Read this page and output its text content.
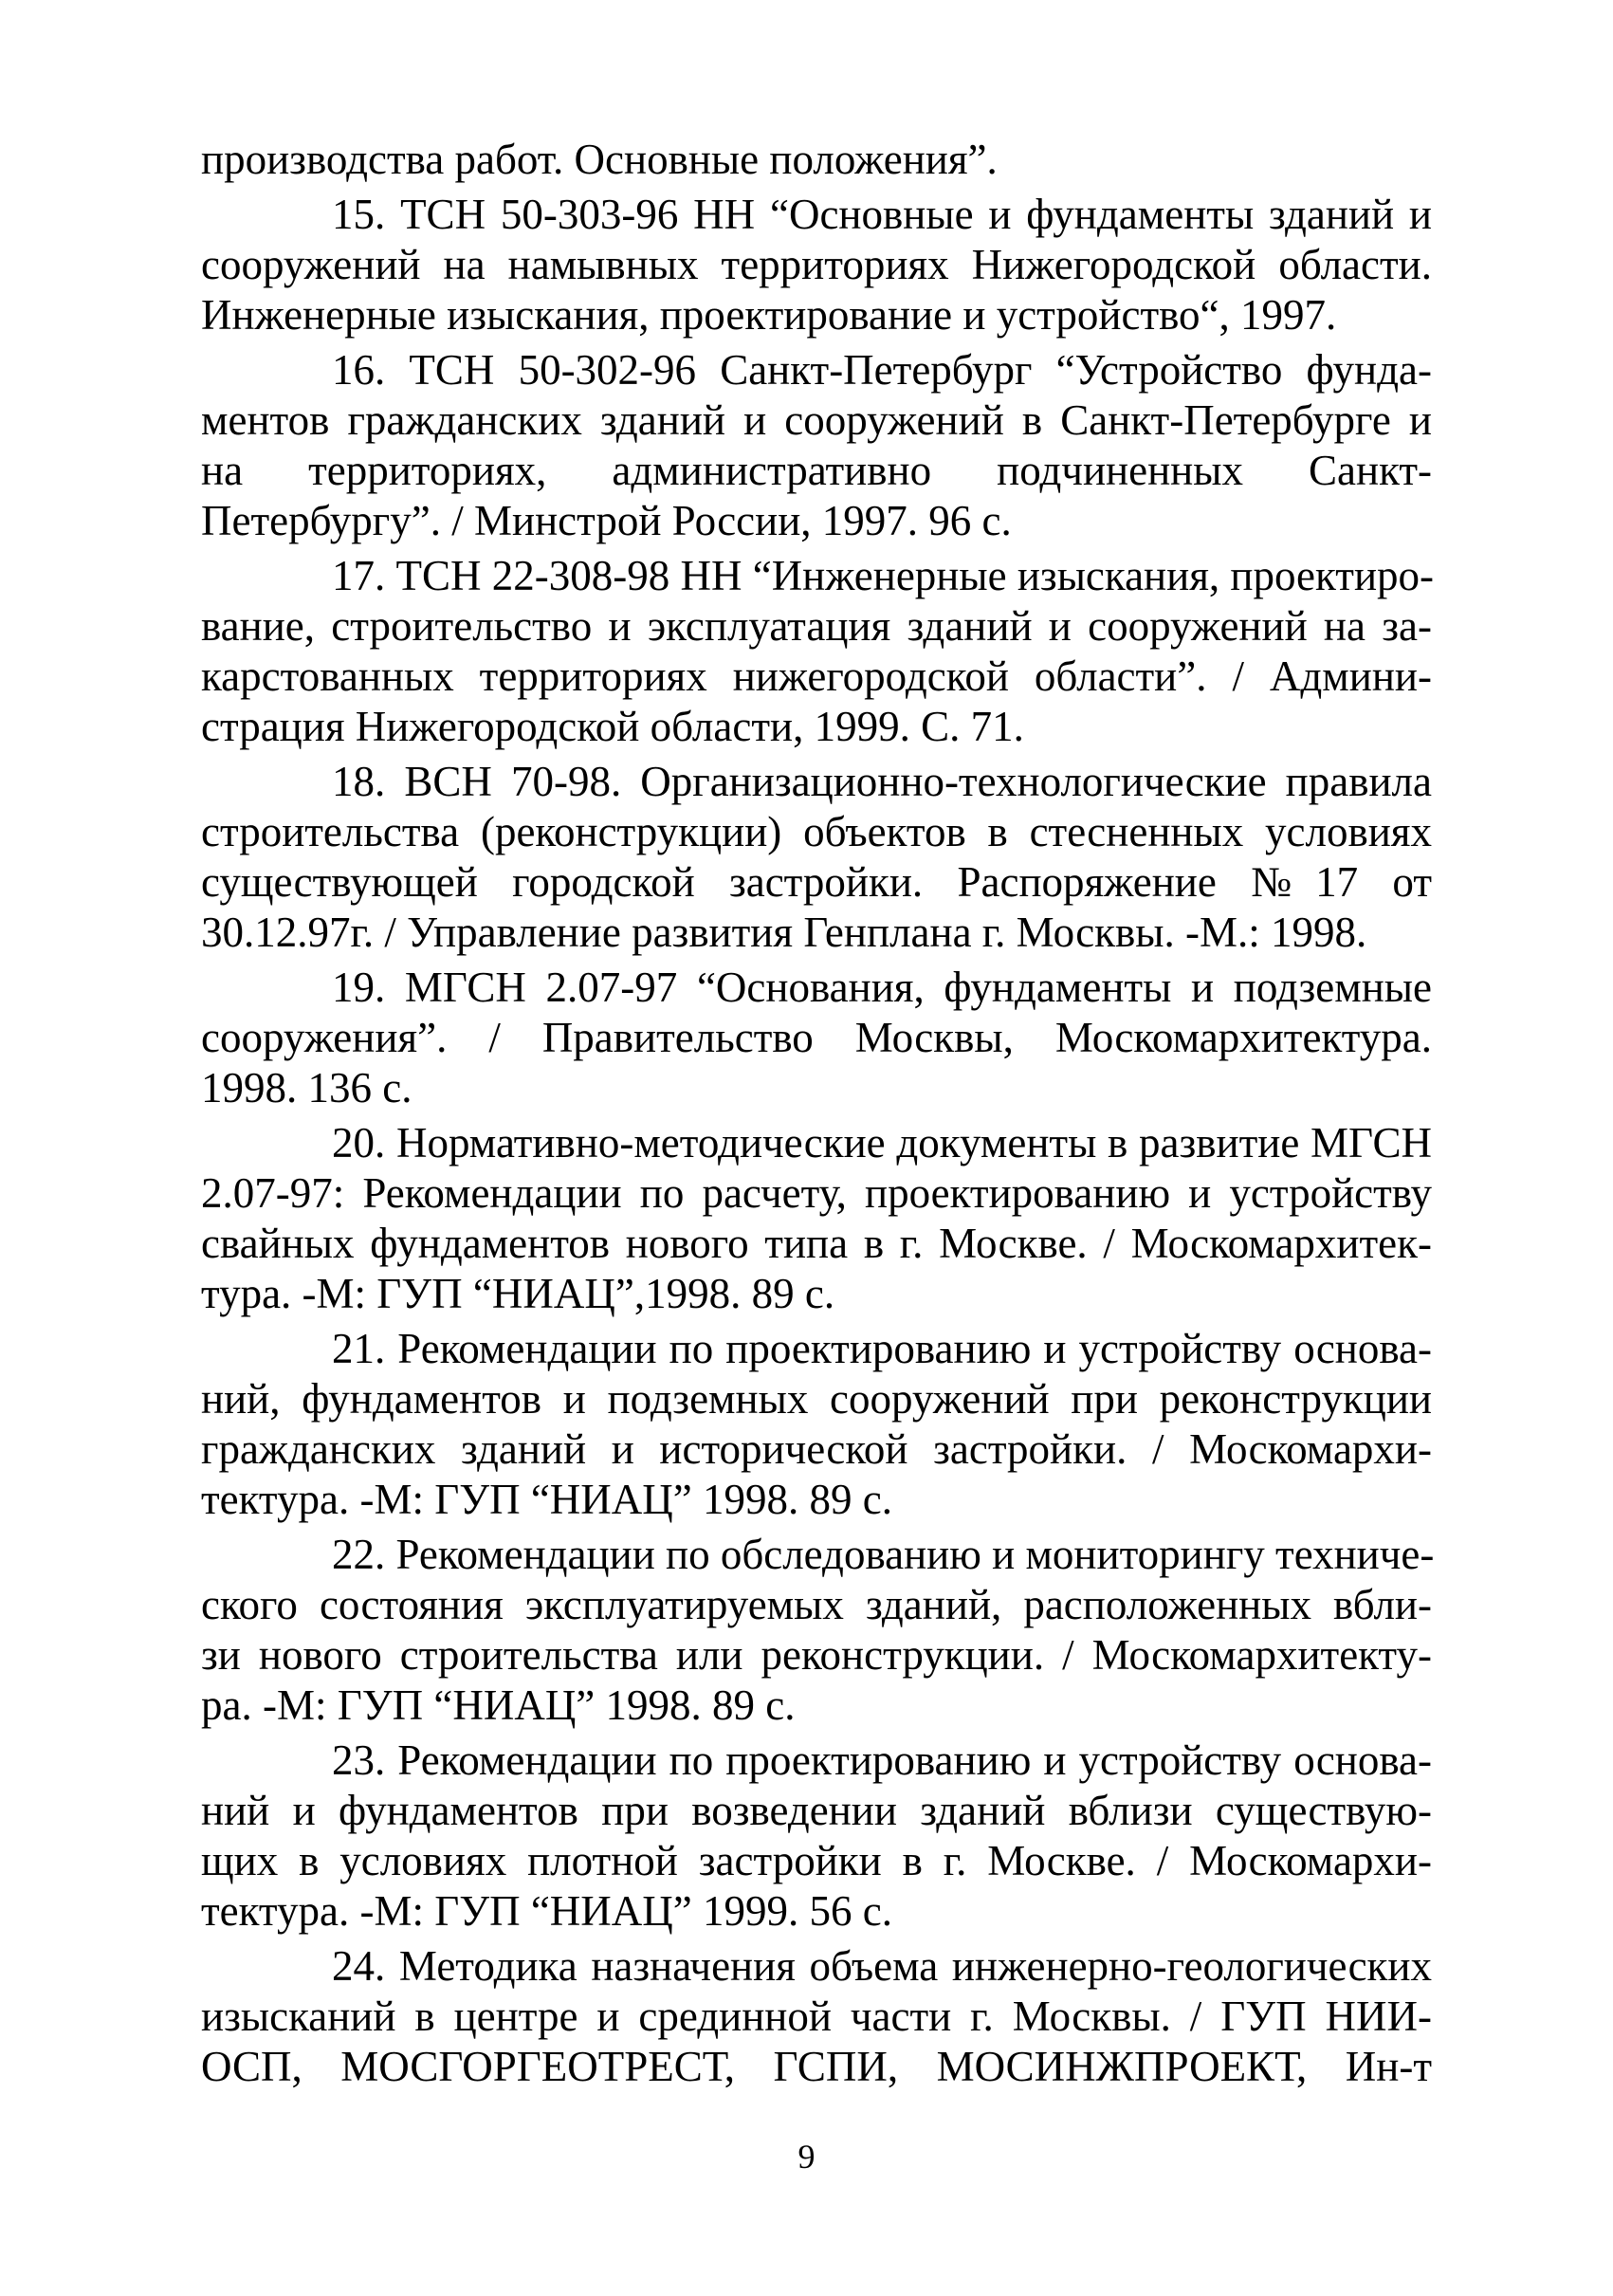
производства работ. Основные положения”.
15. ТСН 50-303-96 НН “Основные и фундаменты зданий и
сооружений на намывных территориях Нижегородской области.
Инженерные изыскания, проектирование и устройство“, 1997.
16. ТСН 50-302-96 Санкт-Петербург “Устройство фунда-
ментов гражданских зданий и сооружений в Санкт-Петербурге и
на территориях, административно подчиненных Санкт-
Петербургу”. / Минстрой России, 1997. 96 с.
17. ТСН 22-308-98 НН “Инженерные изыскания, проектиро-
вание, строительство и эксплуатация зданий и сооружений на за-
карстованных территориях нижегородской области”. / Админи-
страция Нижегородской области, 1999. С. 71.
18. ВСН 70-98. Организационно-технологические правила
строительства (реконструкции) объектов в стесненных условиях
существующей городской застройки. Распоряжение №17 от
30.12.97г. / Управление развития Генплана г. Москвы. -М.: 1998.
19. МГСН 2.07-97 “Основания, фундаменты и подземные
сооружения”. / Правительство Москвы, Москомархитектура.
1998. 136 с.
20. Нормативно-методические документы в развитие МГСН
2.07-97: Рекомендации по расчету, проектированию и устройству
свайных фундаментов нового типа в г. Москве. / Москомархитек-
тура. -М: ГУП “НИАЦ”,1998. 89 с.
21. Рекомендации по проектированию и устройству основа-
ний, фундаментов и подземных сооружений при реконструкции
гражданских зданий и исторической застройки. / Москомархи-
тектура. -М: ГУП “НИАЦ” 1998. 89 с.
22. Рекомендации по обследованию и мониторингу техниче-
ского состояния эксплуатируемых зданий, расположенных вбли-
зи нового строительства или реконструкции. / Москомархитекту-
ра. -М: ГУП “НИАЦ” 1998. 89 с.
23. Рекомендации по проектированию и устройству основа-
ний и фундаментов при возведении зданий вблизи существую-
щих в условиях плотной застройки в г. Москве. / Москомархи-
тектура. -М: ГУП “НИАЦ” 1999. 56 с.
24. Методика назначения объема инженерно-геологических
изысканий в центре и срединной части г. Москвы. / ГУП НИИ-
ОСП, МОСГОРГЕОТРЕСТ, ГСПИ, МОСИНЖПРОЕКТ, Ин-т
9
